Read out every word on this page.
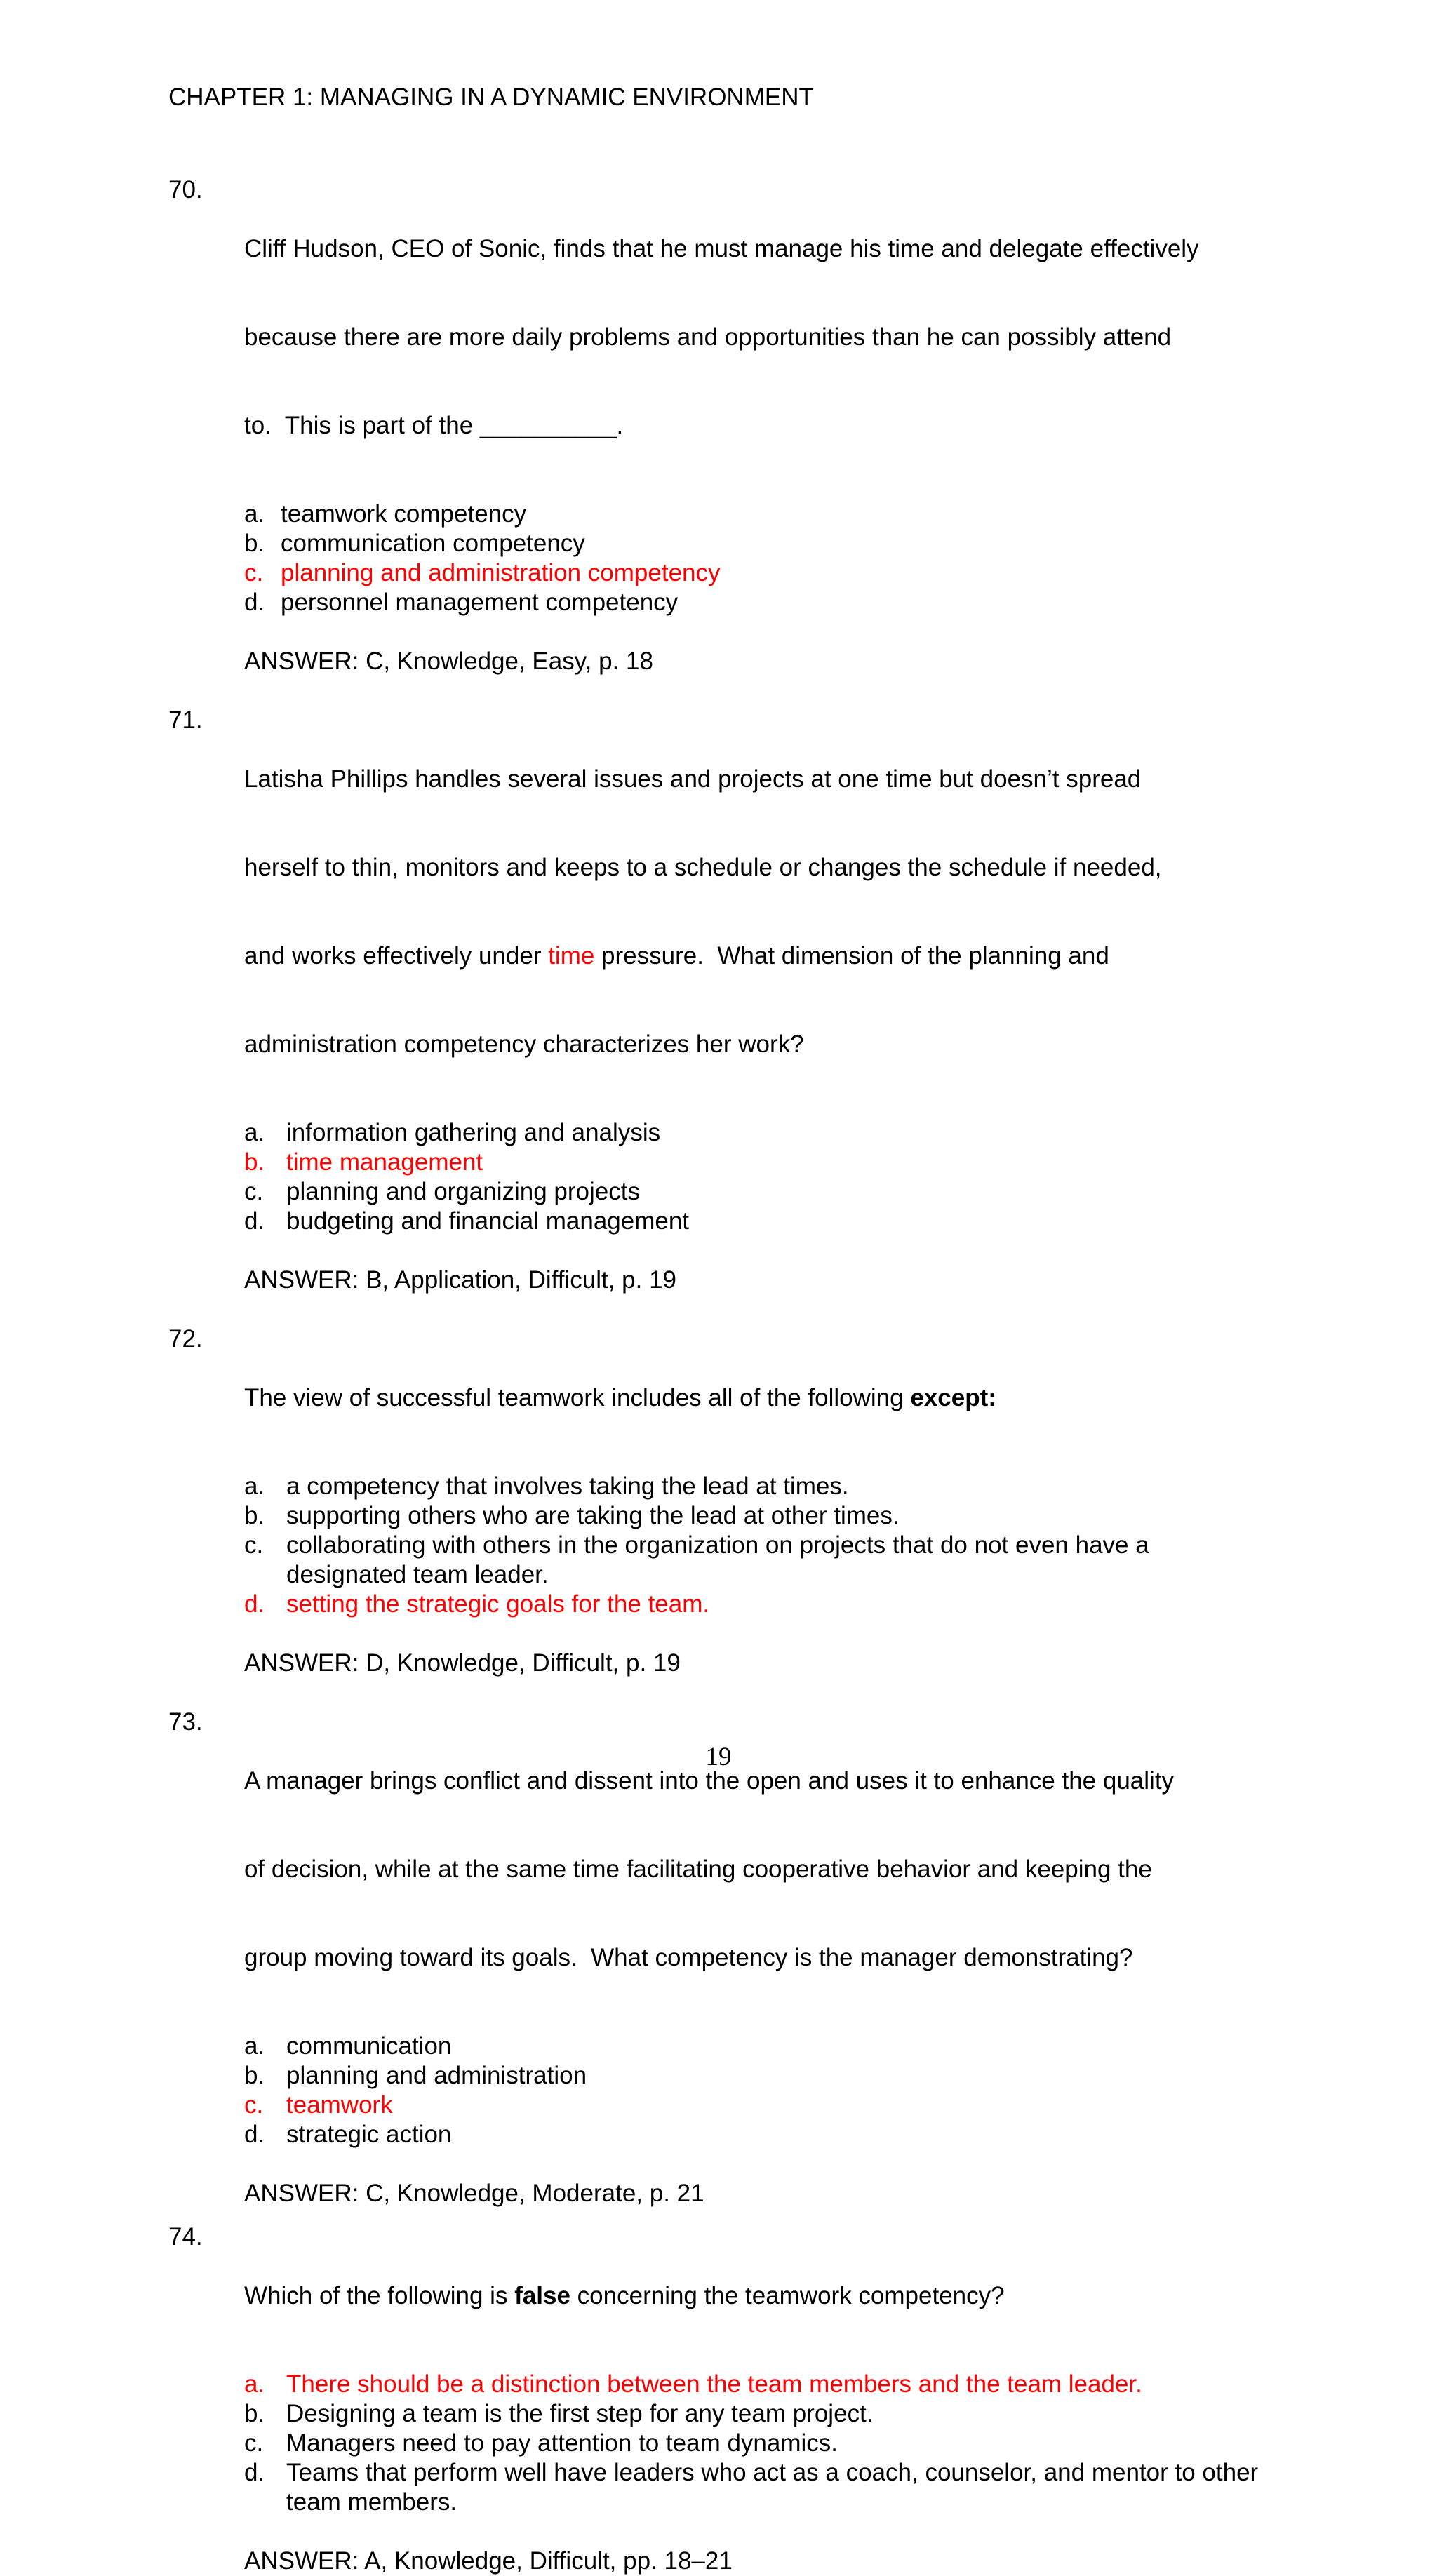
CHAPTER 1: MANAGING IN A DYNAMIC ENVIRONMENT
70.

Cliff Hudson, CEO of Sonic, finds that he must manage his time and delegate effectively

because there are more daily problems and opportunities than he can possibly attend

to.  This is part of the __________.

a. teamwork competency
b. communication competency
c. planning and administration competency
d. personnel management competency
ANSWER: C, Knowledge, Easy, p. 18
71.

Latisha Phillips handles several issues and projects at one time but doesn’t spread

herself to thin, monitors and keeps to a schedule or changes the schedule if needed,

and works effectively under time pressure.  What dimension of the planning and

administration competency characterizes her work?

a. information gathering and analysis
b. time management
c. planning and organizing projects
d. budgeting and financial management
ANSWER: B, Application, Difficult, p. 19
72.

The view of successful teamwork includes all of the following except:

a. a competency that involves taking the lead at times.
b. supporting others who are taking the lead at other times.
c. collaborating with others in the organization on projects that do not even have a designated team leader.
d. setting the strategic goals for the team.
ANSWER: D, Knowledge, Difficult, p. 19
73.

A manager brings conflict and dissent into the open and uses it to enhance the quality

of decision, while at the same time facilitating cooperative behavior and keeping the

group moving toward its goals.  What competency is the manager demonstrating?

a. communication
b. planning and administration
c. teamwork
d. strategic action
ANSWER: C, Knowledge, Moderate, p. 21
74.

Which of the following is false concerning the teamwork competency?

a. There should be a distinction between the team members and the team leader.
b. Designing a team is the first step for any team project.
c. Managers need to pay attention to team dynamics.
d. Teams that perform well have leaders who act as a coach, counselor, and mentor to other team members.
ANSWER: A, Knowledge, Difficult, pp. 18–21
19
